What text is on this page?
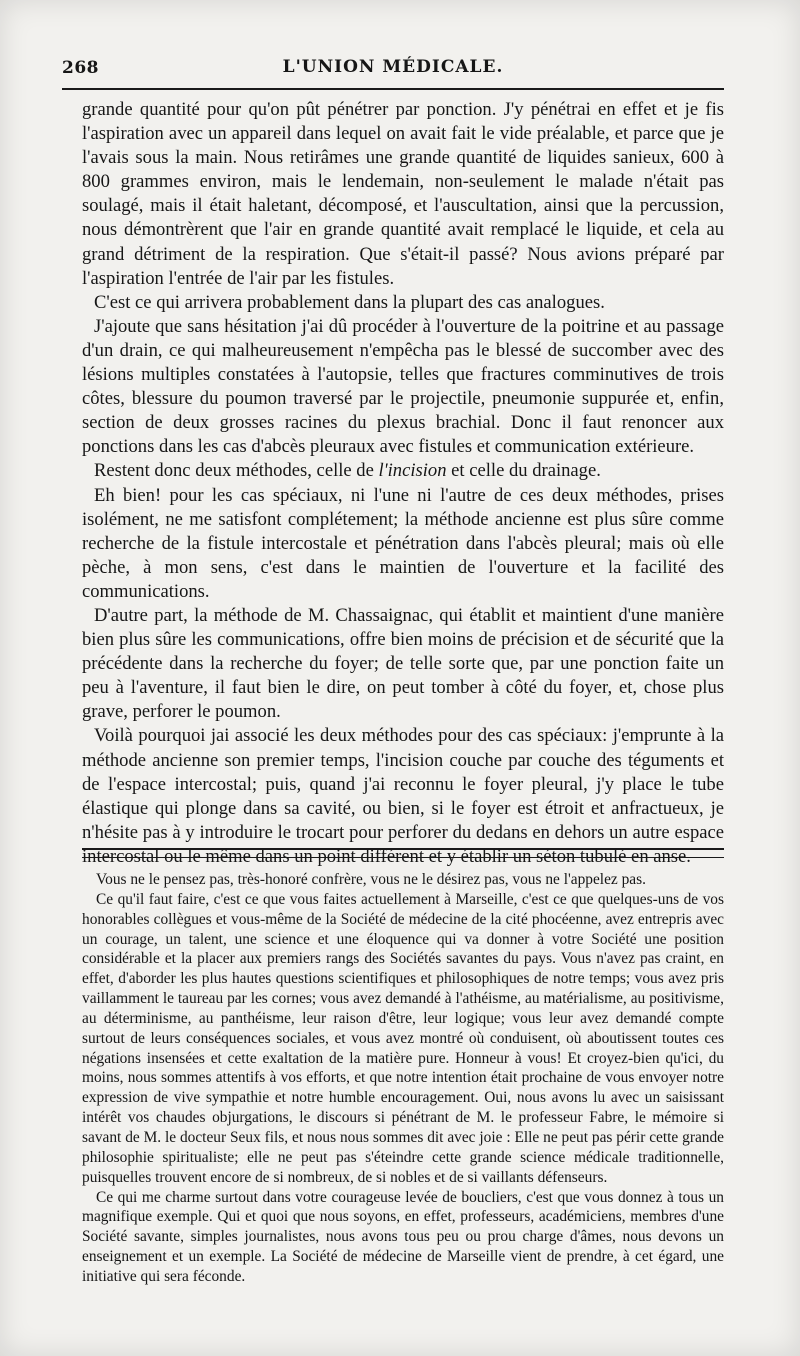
268	L'UNION MÉDICALE.

grande quantité pour qu'on pût pénétrer par ponction. J'y pénétrai en effet et je fis l'aspiration avec un appareil dans lequel on avait fait le vide préalable, et parce que je l'avais sous la main. Nous retirâmes une grande quantité de liquides sanieux, 600 à 800 grammes environ, mais le lendemain, non-seulement le malade n'était pas soulagé, mais il était haletant, décomposé, et l'auscultation, ainsi que la percussion, nous démontrèrent que l'air en grande quantité avait remplacé le liquide, et cela au grand détriment de la respiration. Que s'était-il passé? Nous avions préparé par l'aspiration l'entrée de l'air par les fistules.

C'est ce qui arrivera probablement dans la plupart des cas analogues.

J'ajoute que sans hésitation j'ai dû procéder à l'ouverture de la poitrine et au passage d'un drain, ce qui malheureusement n'empêcha pas le blessé de succomber avec des lésions multiples constatées à l'autopsie, telles que fractures comminutives de trois côtes, blessure du poumon traversé par le projectile, pneumonie suppurée et, enfin, section de deux grosses racines du plexus brachial. Donc il faut renoncer aux ponctions dans les cas d'abcès pleuraux avec fistules et communication extérieure.

Restent donc deux méthodes, celle de l'incision et celle du drainage.

Eh bien! pour les cas spéciaux, ni l'une ni l'autre de ces deux méthodes, prises isolément, ne me satisfont complétement; la méthode ancienne est plus sûre comme recherche de la fistule intercostale et pénétration dans l'abcès pleural; mais où elle pèche, à mon sens, c'est dans le maintien de l'ouverture et la facilité des communications.

D'autre part, la méthode de M. Chassaignac, qui établit et maintient d'une manière bien plus sûre les communications, offre bien moins de précision et de sécurité que la précédente dans la recherche du foyer; de telle sorte que, par une ponction faite un peu à l'aventure, il faut bien le dire, on peut tomber à côté du foyer, et, chose plus grave, perforer le poumon.

Voilà pourquoi jai associé les deux méthodes pour des cas spéciaux: j'emprunte à la méthode ancienne son premier temps, l'incision couche par couche des téguments et de l'espace intercostal; puis, quand j'ai reconnu le foyer pleural, j'y place le tube élastique qui plonge dans sa cavité, ou bien, si le foyer est étroit et anfractueux, je n'hésite pas à y introduire le trocart pour perforer du dedans en dehors un autre espace intercostal ou le même dans un point différent et y établir un séton tubulé en anse.

Vous ne le pensez pas, très-honoré confrère, vous ne le désirez pas, vous ne l'appelez pas.

Ce qu'il faut faire, c'est ce que vous faites actuellement à Marseille, c'est ce que quelques-uns de vos honorables collègues et vous-même de la Société de médecine de la cité phocéenne, avez entrepris avec un courage, un talent, une science et une éloquence qui va donner à votre Société une position considérable et la placer aux premiers rangs des Sociétés savantes du pays. Vous n'avez pas craint, en effet, d'aborder les plus hautes questions scientifiques et philosophiques de notre temps; vous avez pris vaillamment le taureau par les cornes; vous avez demandé à l'athéisme, au matérialisme, au positivisme, au déterminisme, au panthéisme, leur raison d'être, leur logique; vous leur avez demandé compte surtout de leurs conséquences sociales, et vous avez montré où conduisent, où aboutissent toutes ces négations insensées et cette exaltation de la matière pure. Honneur à vous! Et croyez-bien qu'ici, du moins, nous sommes attentifs à vos efforts, et que notre intention était prochaine de vous envoyer notre expression de vive sympathie et notre humble encouragement. Oui, nous avons lu avec un saisissant intérêt vos chaudes objurgations, le discours si pénétrant de M. le professeur Fabre, le mémoire si savant de M. le docteur Seux fils, et nous nous sommes dit avec joie : Elle ne peut pas périr cette grande philosophie spiritualiste; elle ne peut pas s'éteindre cette grande science médicale traditionnelle, puisquelles trouvent encore de si nombreux, de si nobles et de si vaillants défenseurs.

Ce qui me charme surtout dans votre courageuse levée de boucliers, c'est que vous donnez à tous un magnifique exemple. Qui et quoi que nous soyons, en effet, professeurs, académiciens, membres d'une Société savante, simples journalistes, nous avons tous peu ou prou charge d'âmes, nous devons un enseignement et un exemple. La Société de médecine de Marseille vient de prendre, à cet égard, une initiative qui sera féconde.
